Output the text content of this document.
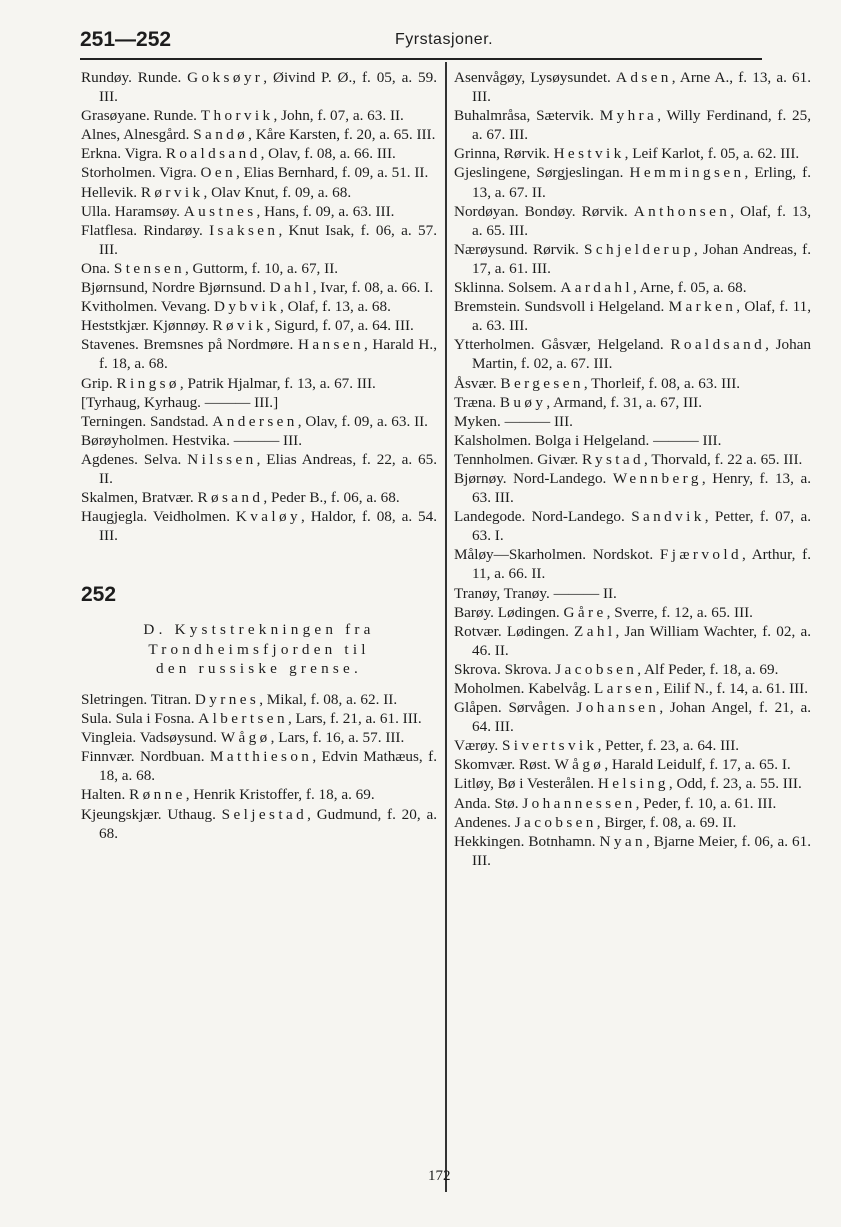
251—252	Fyrstasjoner.

Rundøy. Runde. Goksøyr, Øivind P. Ø., f. 05, a. 59. III.

Grasøyane. Runde. Thorvik, John, f. 07, a. 63. II.

Alnes, Alnesgård. Sandø, Kåre Karsten, f. 20, a. 65. III.

Erkna. Vigra. Roaldsand, Olav, f. 08, a. 66. III.

Storholmen. Vigra. Oen, Elias Bernhard, f. 09, a. 51. II.

Hellevik. Rørvik, Olav Knut, f. 09, a. 68.

Ulla. Haramsøy. Austnes, Hans, f. 09, a. 63. III.

Flatflesa. Rindarøy. Isaksen, Knut Isak, f. 06, a. 57. III.

Ona. Stensen, Guttorm, f. 10, a. 67, II.

Bjørnsund, Nordre Bjørnsund. Dahl, Ivar, f. 08, a. 66. I.

Kvitholmen. Vevang. Dybvik, Olaf, f. 13, a. 68.

Heststkjær. Kjønnøy. Røvik, Sigurd, f. 07, a. 64. III.

Stavenes. Bremsnes på Nordmøre. Hansen, Harald H., f. 18, a. 68.

Grip. Ringsø, Patrik Hjalmar, f. 13, a. 67. III.

[Tyrhaug, Kyrhaug. ——— III.]

Terningen. Sandstad. Andersen, Olav, f. 09, a. 63. II.

Børøyholmen. Hestvika. ——— III.

Agdenes. Selva. Nilssen, Elias Andreas, f. 22, a. 65. II.

Skalmen, Bratvær. Røsand, Peder B., f. 06, a. 68.

Haugjegla. Veidholmen. Kvaløy, Haldor, f. 08, a. 54. III.

252
D. Kyststrekningen fra
Trondheimsfjorden til
den russiske grense.

Sletringen. Titran. Dyrnes, Mikal, f. 08, a. 62. II.

Sula. Sula i Fosna. Albertsen, Lars, f. 21, a. 61. III.

Vingleia. Vadsøysund. Wågø, Lars, f. 16, a. 57. III.

Finnvær. Nordbuan. Matthieson, Edvin Mathæus, f. 18, a. 68.

Halten. Rønne, Henrik Kristoffer, f. 18, a. 69.

Kjeungskjær. Uthaug. Seljestad, Gudmund, f. 20, a. 68.

Asenvågøy, Lysøysundet. Adsen, Arne A., f. 13, a. 61. III.

Buhalmråsa, Sætervik. Myhra, Willy Ferdinand, f. 25, a. 67. III.

Grinna, Rørvik. Hestvik, Leif Karlot, f. 05, a. 62. III.

Gjeslingene, Sørgjeslingan. Hemmingsen, Erling, f. 13, a. 67. II.

Nordøyan. Bondøy. Rørvik. Anthonsen, Olaf, f. 13, a. 65. III.

Nærøysund. Rørvik. Schjelderup, Johan Andreas, f. 17, a. 61. III.

Sklinna. Solsem. Aardahl, Arne, f. 05, a. 68.

Bremstein. Sundsvoll i Helgeland. Marken, Olaf, f. 11, a. 63. III.

Ytterholmen. Gåsvær, Helgeland. Roaldsand, Johan Martin, f. 02, a. 67. III.

Åsvær. Bergesen, Thorleif, f. 08, a. 63. III.

Træna. Buøy, Armand, f. 31, a. 67, III.

Myken. ——— III.

Kalsholmen. Bolga i Helgeland. ——— III.

Tennholmen. Givær. Rystad, Thorvald, f. 22 a. 65. III.

Bjørnøy. Nord-Landego. Wennberg, Henry, f. 13, a. 63. III.

Landegode. Nord-Landego. Sandvik, Petter, f. 07, a. 63. I.

Måløy—Skarholmen. Nordskot. Fjærvold, Arthur, f. 11, a. 66. II.

Tranøy, Tranøy. ——— II.

Barøy. Lødingen. Gåre, Sverre, f. 12, a. 65. III.

Rotvær. Lødingen. Zahl, Jan William Wachter, f. 02, a. 46. II.

Skrova. Skrova. Jacobsen, Alf Peder, f. 18, a. 69.

Moholmen. Kabelvåg. Larsen, Eilif N., f. 14, a. 61. III.

Glåpen. Sørvågen. Johansen, Johan Angel, f. 21, a. 64. III.

Værøy. Sivertsvik, Petter, f. 23, a. 64. III.

Skomvær. Røst. Wågø, Harald Leidulf, f. 17, a. 65. I.

Litløy, Bø i Vesterålen. Helsing, Odd, f. 23, a. 55. III.

Anda. Stø. Johannessen, Peder, f. 10, a. 61. III.

Andenes. Jacobsen, Birger, f. 08, a. 69. II.

Hekkingen. Botnhamn. Nyan, Bjarne Meier, f. 06, a. 61. III.

172
